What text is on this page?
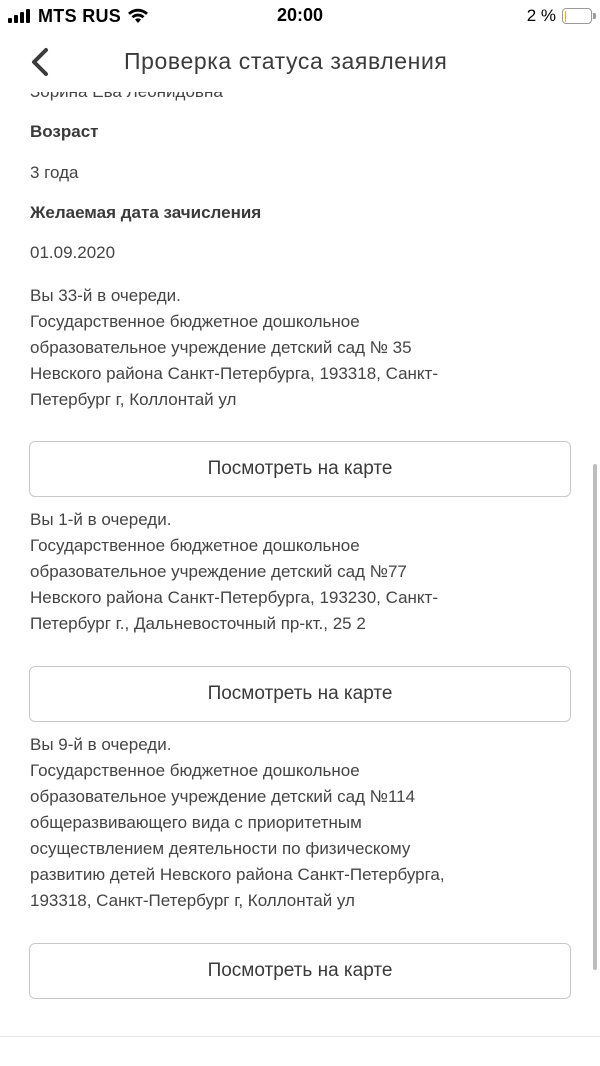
MTS RUS	20:00	2 %
Проверка статуса заявления
Возраст
3 года
Желаемая дата зачисления
01.09.2020
Вы 33-й в очереди.
Государственное бюджетное дошкольное
образовательное учреждение детский сад № 35
Невского района Санкт-Петербурга, 193318, Санкт-
Петербург г, Коллонтай ул
Посмотреть на карте
Вы 1-й в очереди.
Государственное бюджетное дошкольное
образовательное учреждение детский сад №77
Невского района Санкт-Петербурга, 193230, Санкт-
Петербург г., Дальневосточный пр-кт., 25 2
Посмотреть на карте
Вы 9-й в очереди.
Государственное бюджетное дошкольное
образовательное учреждение детский сад №114
общеразвивающего вида с приоритетным
осуществлением деятельности по физическому
развитию детей Невского района Санкт-Петербурга,
193318, Санкт-Петербург г, Коллонтай ул
Посмотреть на карте
